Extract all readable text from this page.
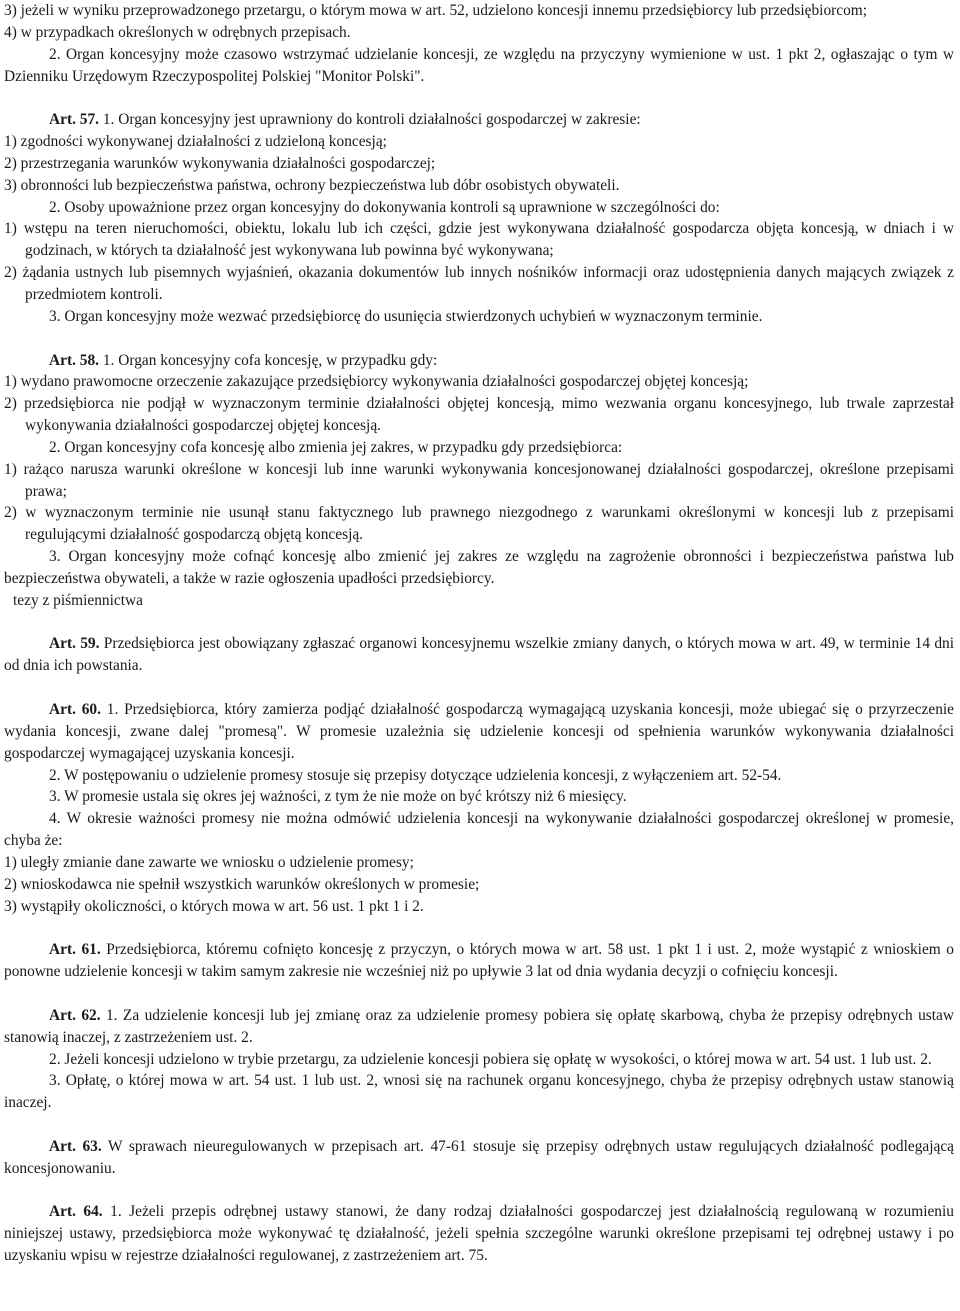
3) jeżeli w wyniku przeprowadzonego przetargu, o którym mowa w art. 52, udzielono koncesji innemu przedsiębiorcy lub przedsiębiorcom;

4) w przypadkach określonych w odrębnych przepisach.

2. Organ koncesyjny może czasowo wstrzymać udzielanie koncesji, ze względu na przyczyny wymienione w ust. 1 pkt 2, ogłaszając o tym w Dzienniku Urzędowym Rzeczypospolitej Polskiej "Monitor Polski".

Art. 57. 1. Organ koncesyjny jest uprawniony do kontroli działalności gospodarczej w zakresie:

1) zgodności wykonywanej działalności z udzieloną koncesją;

2) przestrzegania warunków wykonywania działalności gospodarczej;

3) obronności lub bezpieczeństwa państwa, ochrony bezpieczeństwa lub dóbr osobistych obywateli.

2. Osoby upoważnione przez organ koncesyjny do dokonywania kontroli są uprawnione w szczególności do:

1) wstępu na teren nieruchomości, obiektu, lokalu lub ich części, gdzie jest wykonywana działalność gospodarcza objęta koncesją, w dniach i w godzinach, w których ta działalność jest wykonywana lub powinna być wykonywana;

2) żądania ustnych lub pisemnych wyjaśnień, okazania dokumentów lub innych nośników informacji oraz udostępnienia danych mających związek z przedmiotem kontroli.

3. Organ koncesyjny może wezwać przedsiębiorcę do usunięcia stwierdzonych uchybień w wyznaczonym terminie.

Art. 58. 1. Organ koncesyjny cofa koncesję, w przypadku gdy:

1) wydano prawomocne orzeczenie zakazujące przedsiębiorcy wykonywania działalności gospodarczej objętej koncesją;

2) przedsiębiorca nie podjął w wyznaczonym terminie działalności objętej koncesją, mimo wezwania organu koncesyjnego, lub trwale zaprzestał wykonywania działalności gospodarczej objętej koncesją.

2. Organ koncesyjny cofa koncesję albo zmienia jej zakres, w przypadku gdy przedsiębiorca:

1) rażąco narusza warunki określone w koncesji lub inne warunki wykonywania koncesjonowanej działalności gospodarczej, określone przepisami prawa;

2) w wyznaczonym terminie nie usunął stanu faktycznego lub prawnego niezgodnego z warunkami określonymi w koncesji lub z przepisami regulującymi działalność gospodarczą objętą koncesją.

3. Organ koncesyjny może cofnąć koncesję albo zmienić jej zakres ze względu na zagrożenie obronności i bezpieczeństwa państwa lub bezpieczeństwa obywateli, a także w razie ogłoszenia upadłości przedsiębiorcy.

tezy z piśmiennictwa

Art. 59. Przedsiębiorca jest obowiązany zgłaszać organowi koncesyjnemu wszelkie zmiany danych, o których mowa w art. 49, w terminie 14 dni od dnia ich powstania.

Art. 60. 1. Przedsiębiorca, który zamierza podjąć działalność gospodarczą wymagającą uzyskania koncesji, może ubiegać się o przyrzeczenie wydania koncesji, zwane dalej "promesą". W promesie uzależnia się udzielenie koncesji od spełnienia warunków wykonywania działalności gospodarczej wymagającej uzyskania koncesji.

2. W postępowaniu o udzielenie promesy stosuje się przepisy dotyczące udzielenia koncesji, z wyłączeniem art. 52-54.

3. W promesie ustala się okres jej ważności, z tym że nie może on być krótszy niż 6 miesięcy.

4. W okresie ważności promesy nie można odmówić udzielenia koncesji na wykonywanie działalności gospodarczej określonej w promesie, chyba że:

1) uległy zmianie dane zawarte we wniosku o udzielenie promesy;

2) wnioskodawca nie spełnił wszystkich warunków określonych w promesie;

3) wystąpiły okoliczności, o których mowa w art. 56 ust. 1 pkt 1 i 2.

Art. 61. Przedsiębiorca, któremu cofnięto koncesję z przyczyn, o których mowa w art. 58 ust. 1 pkt 1 i ust. 2, może wystąpić z wnioskiem o ponowne udzielenie koncesji w takim samym zakresie nie wcześniej niż po upływie 3 lat od dnia wydania decyzji o cofnięciu koncesji.

Art. 62. 1. Za udzielenie koncesji lub jej zmianę oraz za udzielenie promesy pobiera się opłatę skarbową, chyba że przepisy odrębnych ustaw stanowią inaczej, z zastrzeżeniem ust. 2.

2. Jeżeli koncesji udzielono w trybie przetargu, za udzielenie koncesji pobiera się opłatę w wysokości, o której mowa w art. 54 ust. 1 lub ust. 2.

3. Opłatę, o której mowa w art. 54 ust. 1 lub ust. 2, wnosi się na rachunek organu koncesyjnego, chyba że przepisy odrębnych ustaw stanowią inaczej.

Art. 63. W sprawach nieuregulowanych w przepisach art. 47-61 stosuje się przepisy odrębnych ustaw regulujących działalność podlegającą koncesjonowaniu.

Art. 64. 1. Jeżeli przepis odrębnej ustawy stanowi, że dany rodzaj działalności gospodarczej jest działalnością regulowaną w rozumieniu niniejszej ustawy, przedsiębiorca może wykonywać tę działalność, jeżeli spełnia szczególne warunki określone przepisami tej odrębnej ustawy i po uzyskaniu wpisu w rejestrze działalności regulowanej, z zastrzeżeniem art. 75.
